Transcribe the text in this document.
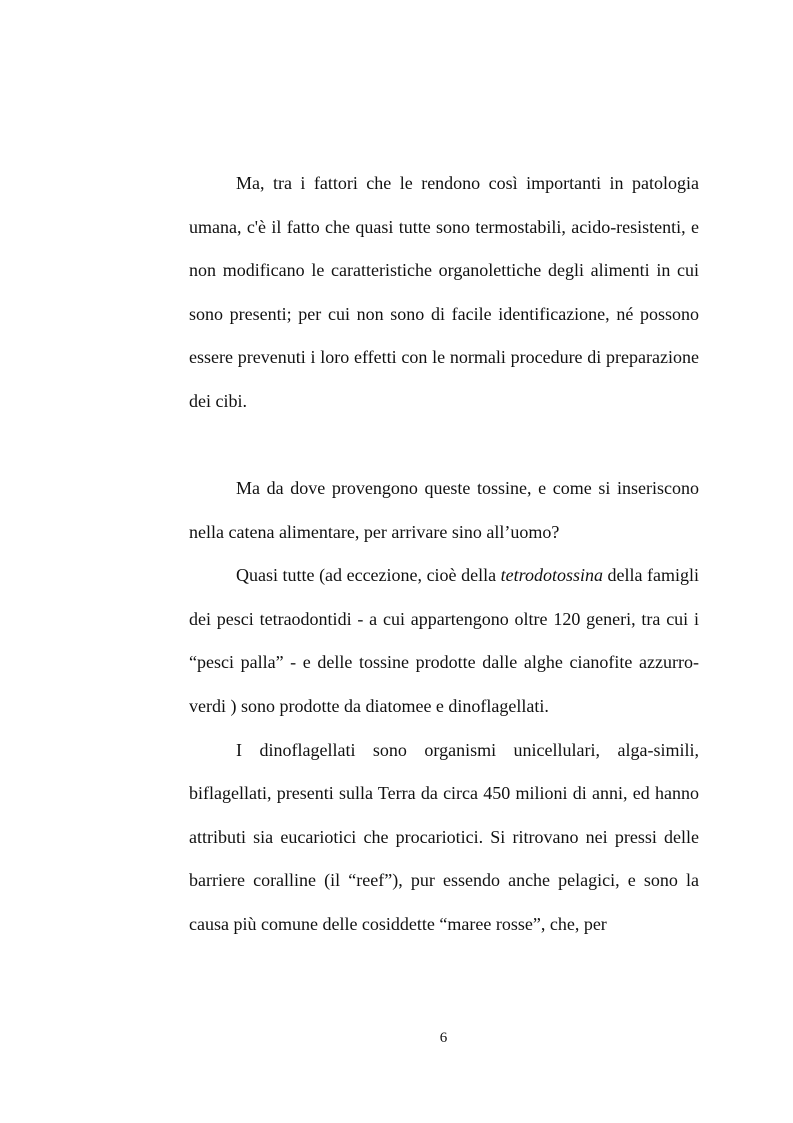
Ma, tra i fattori che le rendono così importanti in patologia umana, c'è il fatto che quasi tutte sono termostabili, acido-resistenti, e non modificano le caratteristiche organolettiche degli alimenti in cui sono presenti; per cui non sono di facile identificazione, né possono essere prevenuti i loro effetti con le normali procedure di preparazione dei cibi.

Ma da dove provengono queste tossine, e come si inseriscono nella catena alimentare, per arrivare sino all’uomo?

Quasi tutte (ad eccezione, cioè della tetrodotossina della famigli dei pesci tetraodontidi - a cui appartengono oltre 120 generi, tra cui i “pesci palla” - e delle tossine prodotte dalle alghe cianofite azzurro-verdi ) sono prodotte da diatomee e dinoflagellati.

I dinoflagellati sono organismi unicellulari, alga-simili, biflagellati, presenti sulla Terra da circa 450 milioni di anni, ed hanno attributi sia eucariotici che procariotici. Si ritrovano nei pressi delle barriere coralline (il “reef”), pur essendo anche pelagici, e sono la causa più comune delle cosiddette “maree rosse”, che, per

6
